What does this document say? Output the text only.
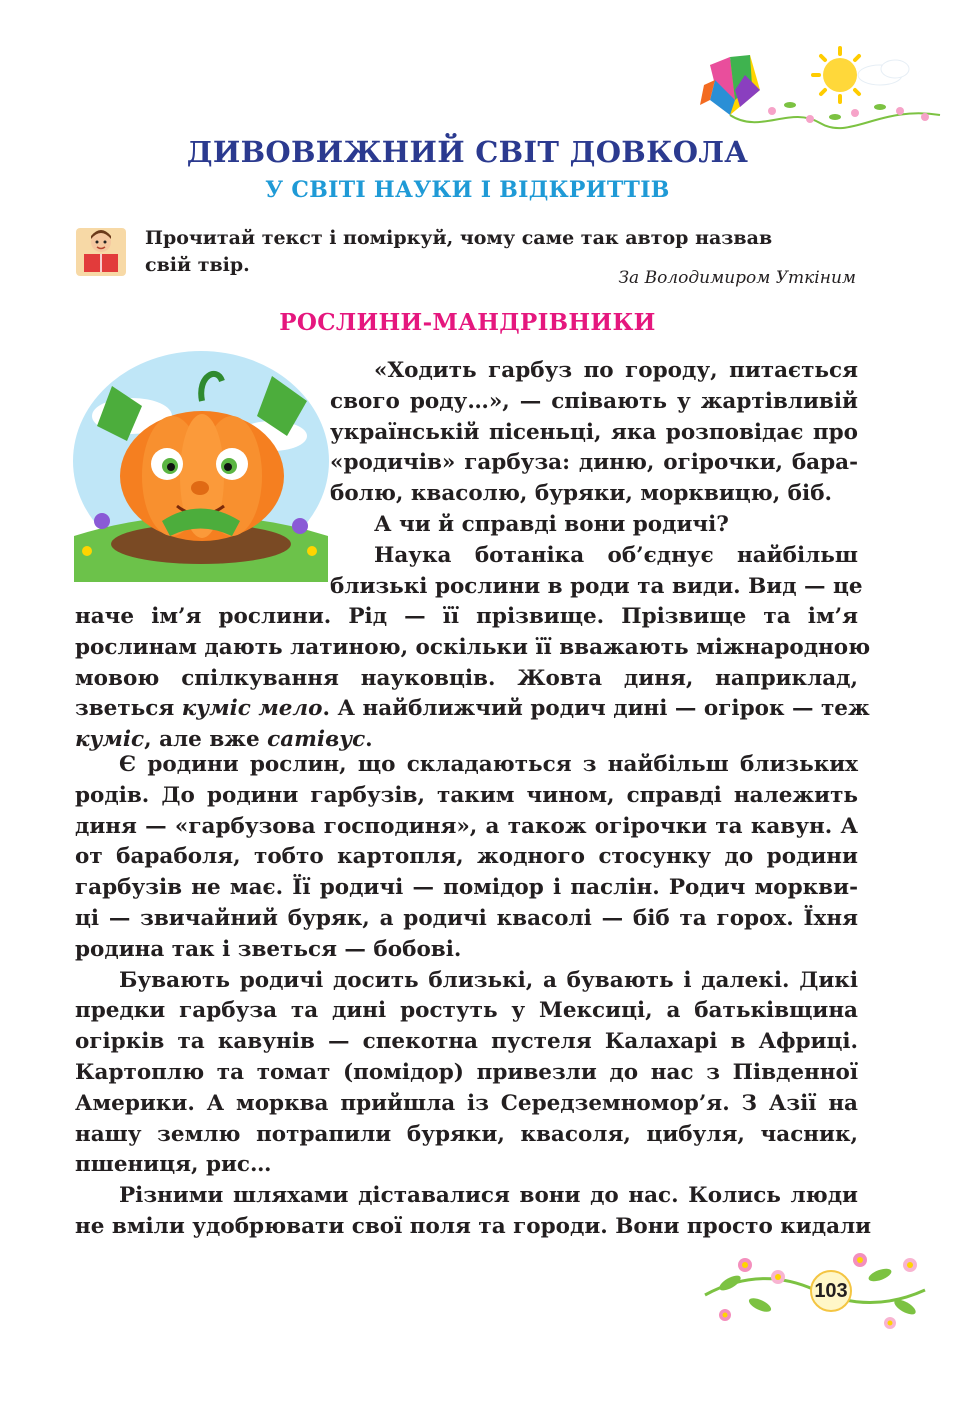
ДИВОВИЖНИЙ СВІТ ДОВКОЛА
У СВІТІ НАУКИ І ВІДКРИТТІВ
Прочитай текст і поміркуй, чому саме так автор назвав
свій твір.
За Володимиром Уткіним
РОСЛИНИ-МАНДРІВНИКИ
«Ходить гарбуз по городу, питається
свого роду…», — співають у жартівливій
українській пісеньці, яка розповідає про
«родичів» гарбуза: диню, огірочки, бара-
болю, квасолю, буряки, морквицю, біб.
А чи й справді вони родичі?
Наука ботаніка об’єднує найбільш
близькі рослини в роди та види. Вид — це
наче ім’я рослини. Рід — її прізвище. Прізвище та ім’я
рослинам дають латиною, оскільки її вважають міжнародною
мовою спілкування науковців. Жовта диня, наприклад,
зветься куміс мело. А найближчий родич дині — огірок — теж
куміс, але вже сатівус.
Є родини рослин, що складаються з найбільш близьких
родів. До родини гарбузів, таким чином, справді належить
диня — «гарбузова господиня», а також огірочки та кавун. А
от бараболя, тобто картопля, жодного стосунку до родини
гарбузів не має. Її родичі — помідор і паслін. Родич моркви-
ці — звичайний буряк, а родичі квасолі — біб та горох. Їхня
родина так і зветься — бобові.
Бувають родичі досить близькі, а бувають і далекі. Дикі
предки гарбуза та дині ростуть у Мексиці, а батьківщина
огірків та кавунів — спекотна пустеля Калахарі в Африці.
Картоплю та томат (помідор) привезли до нас з Південної
Америки. А морква прийшла із Середземномор’я. З Азії на
нашу землю потрапили буряки, квасоля, цибуля, часник,
пшениця, рис…
Різними шляхами діставалися вони до нас. Колись люди
не вміли удобрювати свої поля та городи. Вони просто кидали
103
